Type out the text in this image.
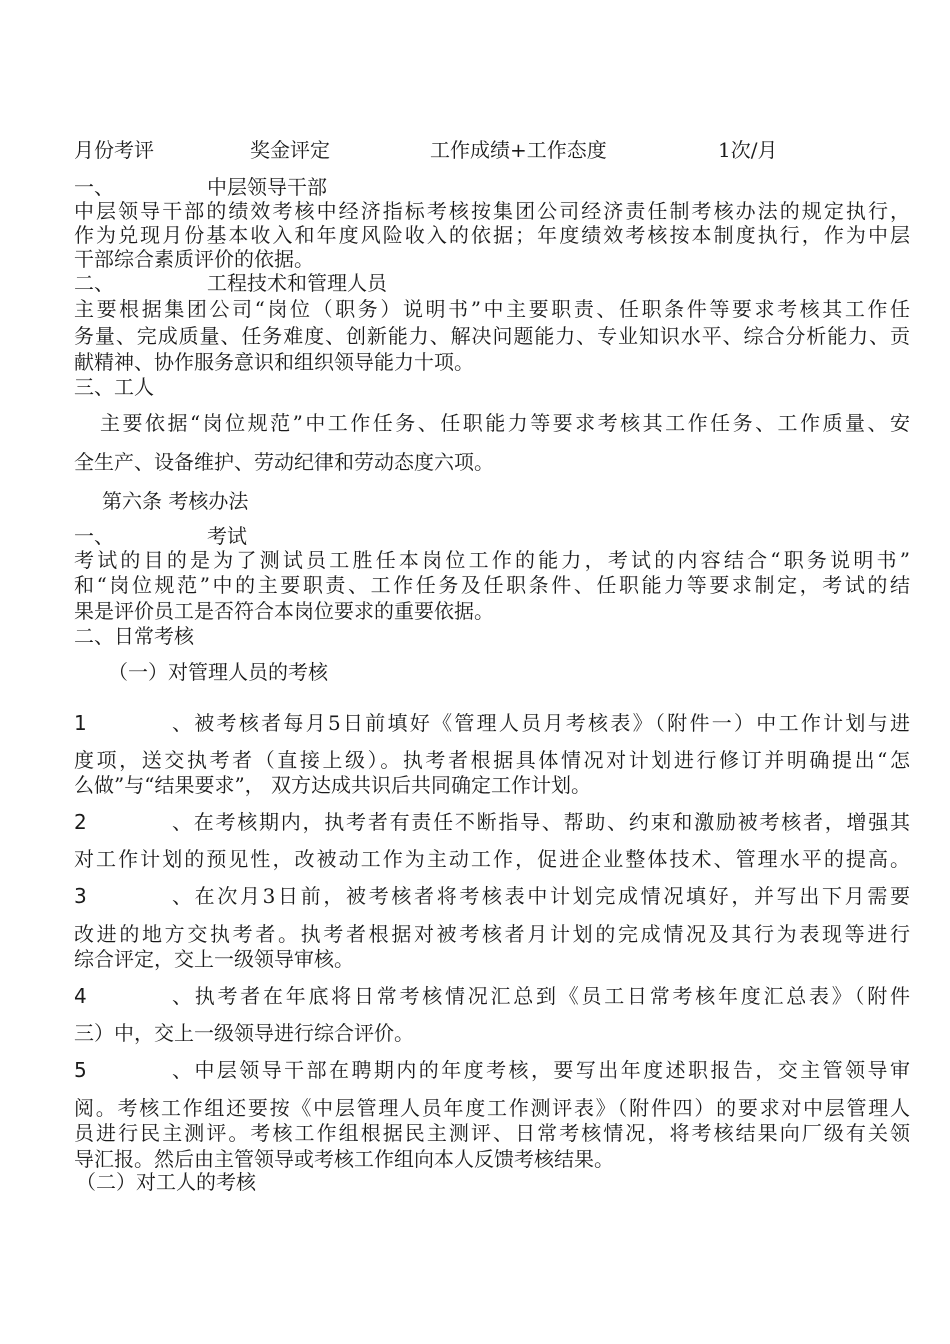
月份考评	奖金评定	工作成绩+工作态度	1次/月
一、	中层领导干部
中层领导干部的绩效考核中经济指标考核按集团公司经济责任制考核办法的规定执行，
作为兑现月份基本收入和年度风险收入的依据；年度绩效考核按本制度执行，作为中层
干部综合素质评价的依据。
二、	工程技术和管理人员
主要根据集团公司“岗位（职务）说明书”中主要职责、任职条件等要求考核其工作任
务量、完成质量、任务难度、创新能力、解决问题能力、专业知识水平、综合分析能力、贡
献精神、协作服务意识和组织领导能力十项。
三、工人
主要依据“岗位规范”中工作任务、任职能力等要求考核其工作任务、工作质量、安
全生产、设备维护、劳动纪律和劳动态度六项。
第六条 考核办法
一、	考试
考试的目的是为了测试员工胜任本岗位工作的能力，考试的内容结合“职务说明书”
和“岗位规范”中的主要职责、工作任务及任职条件、任职能力等要求制定，考试的结
果是评价员工是否符合本岗位要求的重要依据。
二、日常考核
（一）对管理人员的考核
1、被考核者每月5日前填好《管理人员月考核表》（附件一）中工作计划与进
度项，送交执考者（直接上级）。执考者根据具体情况对计划进行修订并明确提出“怎
么做”与“结果要求”， 双方达成共识后共同确定工作计划。
2、在考核期内，执考者有责任不断指导、帮助、约束和激励被考核者，增强其
对工作计划的预见性，改被动工作为主动工作，促进企业整体技术、管理水平的提高。
3、在次月3日前，被考核者将考核表中计划完成情况填好，并写出下月需要
改进的地方交执考者。执考者根据对被考核者月计划的完成情况及其行为表现等进行
综合评定，交上一级领导审核。
4、执考者在年底将日常考核情况汇总到《员工日常考核年度汇总表》（附件
三）中，交上一级领导进行综合评价。
5、中层领导干部在聘期内的年度考核，要写出年度述职报告，交主管领导审
阅。考核工作组还要按《中层管理人员年度工作测评表》（附件四）的要求对中层管理人
员进行民主测评。考核工作组根据民主测评、日常考核情况，将考核结果向厂级有关领
导汇报。然后由主管领导或考核工作组向本人反馈考核结果。
（二）对工人的考核
